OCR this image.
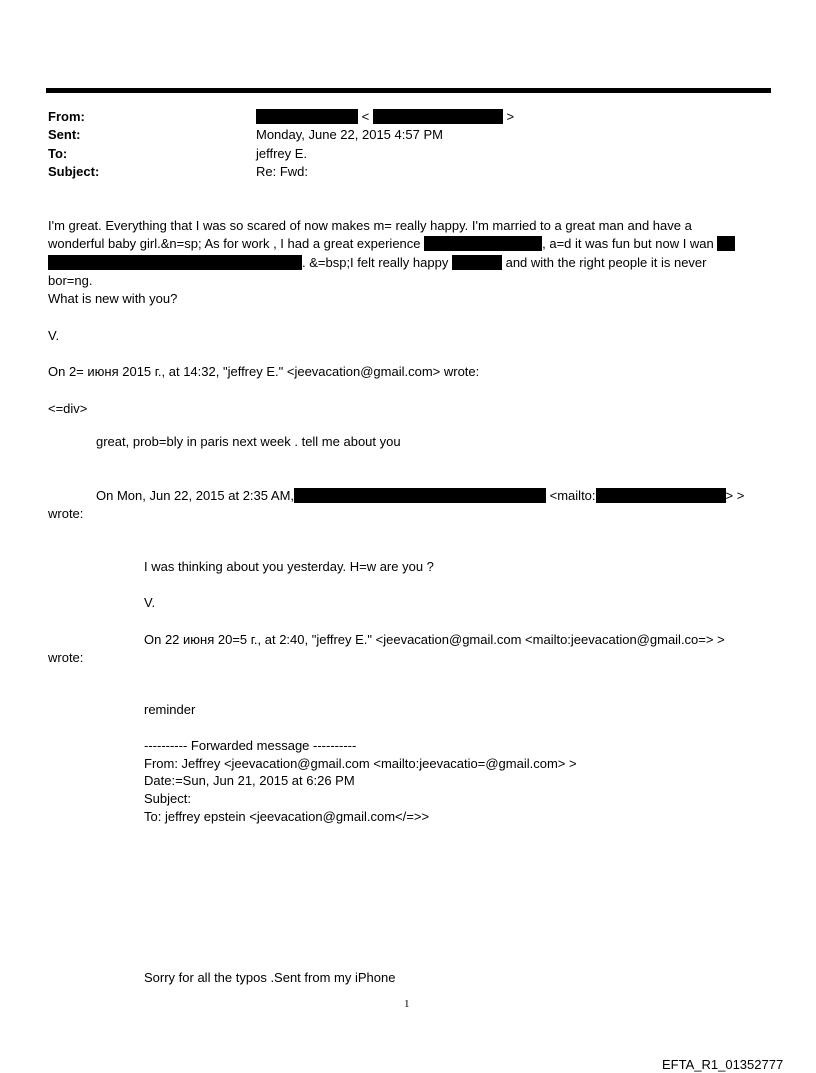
From:	<	>
Sent:	Monday, June 22, 2015 4:57 PM
To:	jeffrey E.
Subject:	Re: Fwd:
I'm great. Everything that I was so scared of now makes m= really happy. I'm married to a great man and have a
wonderful baby girl.&n=sp; As for work , I had a great experience	, a=d it was fun but now I wan
. &=bsp;I felt really happy	and with the right people it is never
bor=ng.
What is new with you?
V.
On 2= июня 2015 г., at 14:32, "jeffrey E." <jeevacation@gmail.com> wrote:
<=div>
great, prob=bly in paris next week . tell me about you
On Mon, Jun 22, 2015 at 2:35 AM,	<mailto:	> >
wrote:
I was thinking about you yesterday. H=w are you ?
V.
On 22 июня 20=5 г., at 2:40, "jeffrey E." <jeevacation@gmail.com <mailto:jeevacation@gmail.co=> >
wrote:
reminder
---------- Forwarded message ----------
From: Jeffrey <jeevacation@gmail.com <mailto:jeevacatio=@gmail.com> >
Date:=Sun, Jun 21, 2015 at 6:26 PM
Subject:
To: jeffrey epstein <jeevacation@gmail.com</=>>
Sorry for all the typos .Sent from my iPhone
1
EFTA_R1_01352777
